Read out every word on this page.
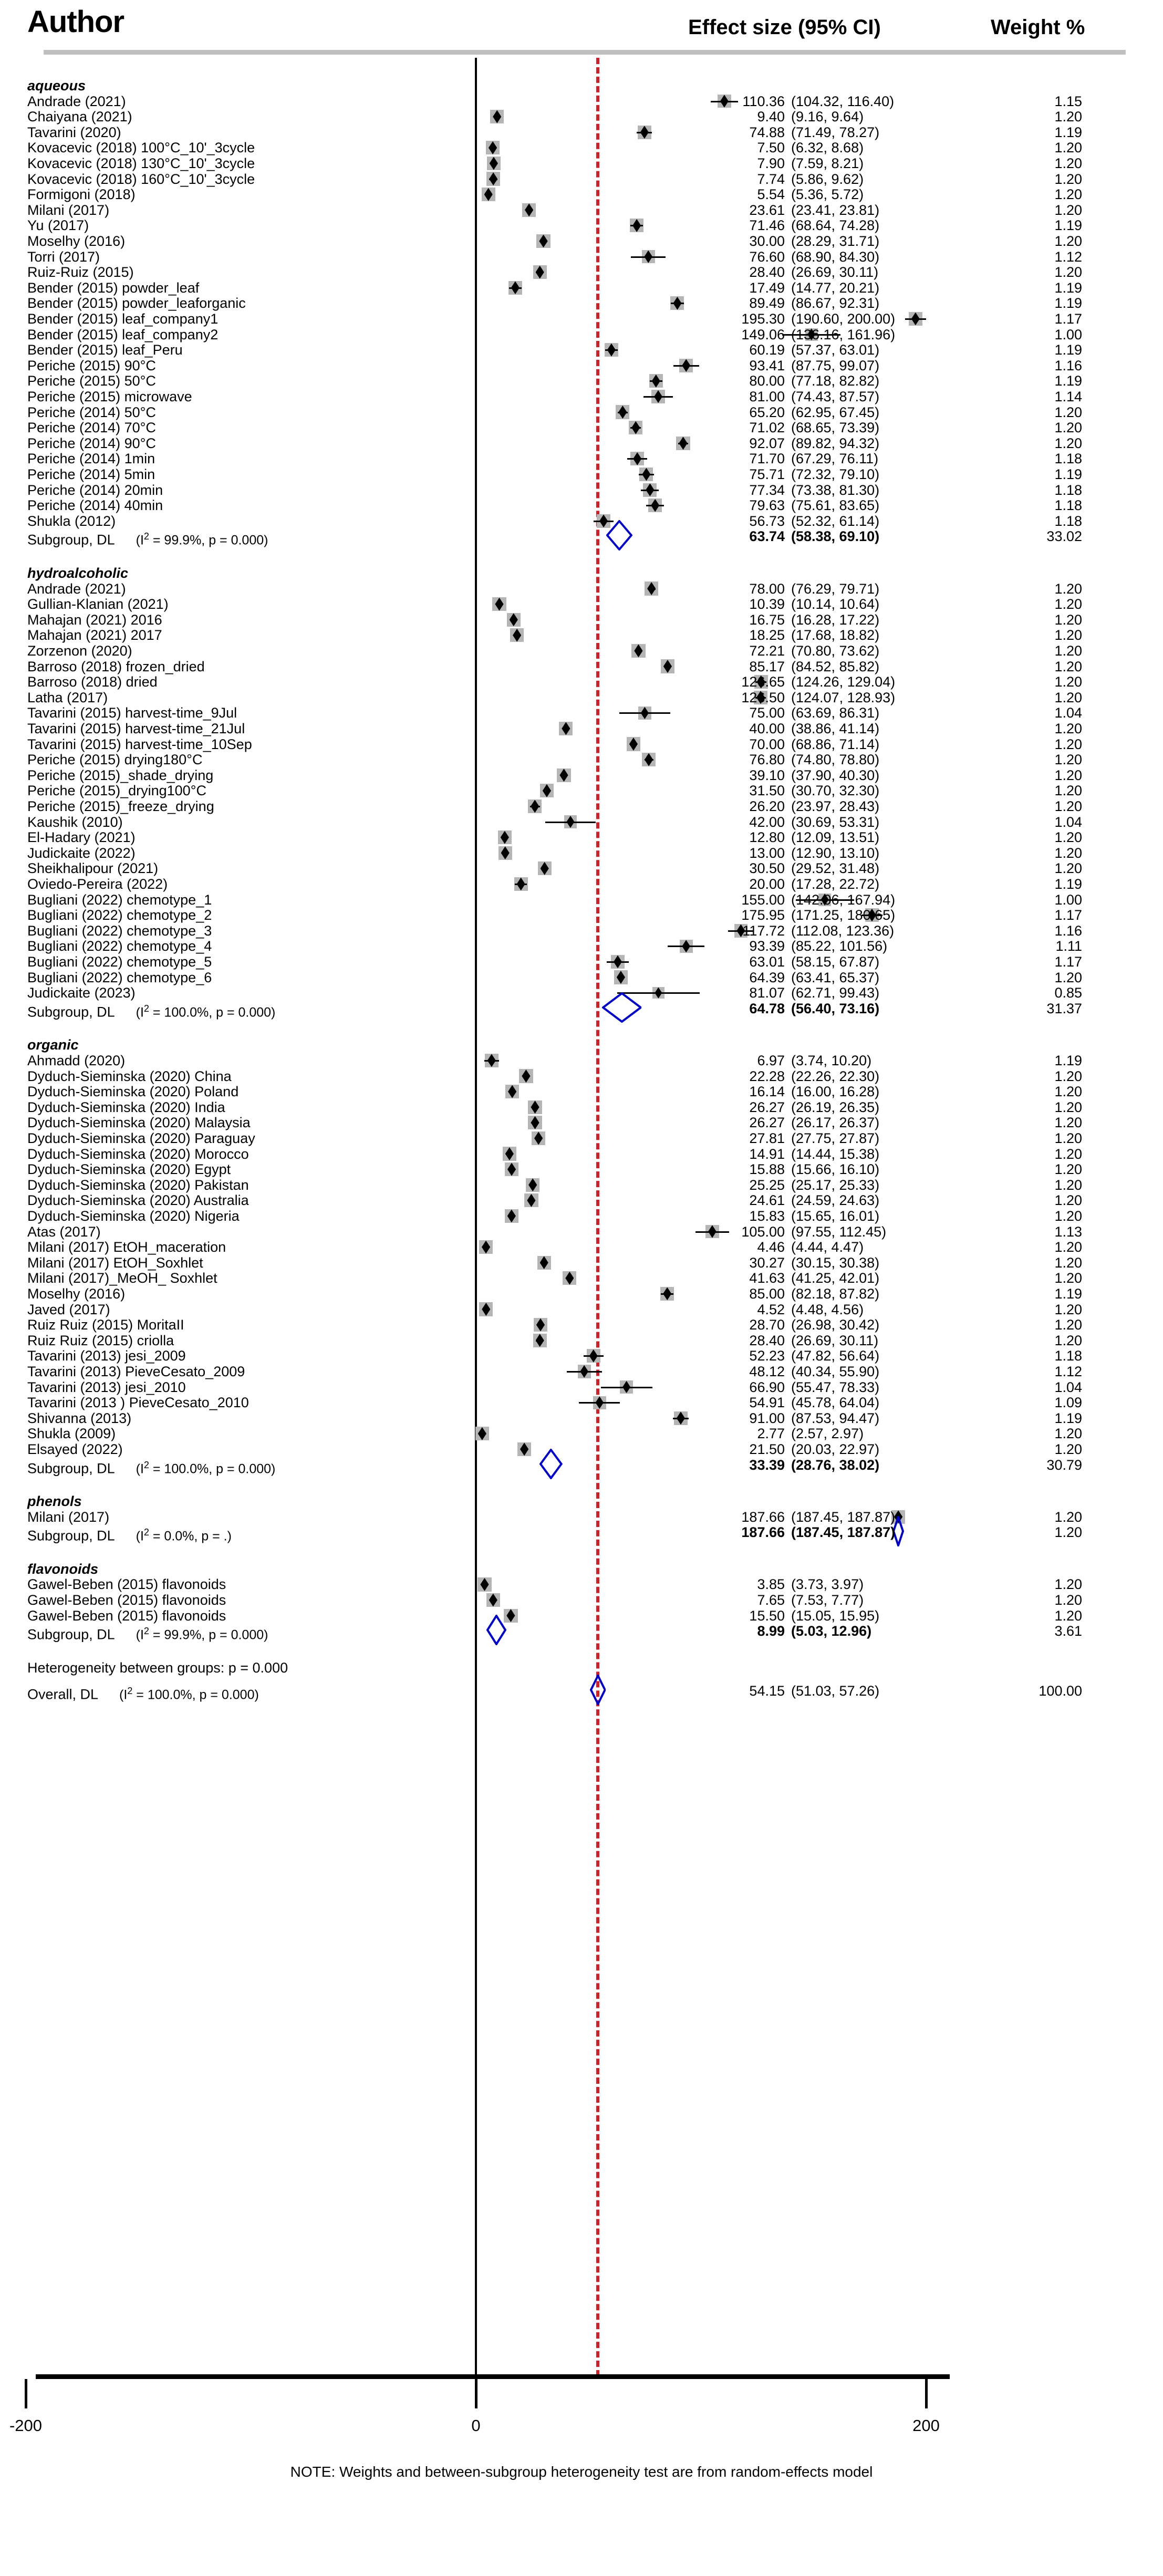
Author	Effect size (95% CI)	Weight %
aqueous
Andrade (2021)	110.36 (104.32, 116.40)	1.15
Chaiyana (2021)	9.40 (9.16, 9.64)	1.20
Tavarini (2020)	74.88 (71.49, 78.27)	1.19
Kovacevic (2018) 100°C_10'_3cycle	7.50 (6.32, 8.68)	1.20
Kovacevic (2018) 130°C_10'_3cycle	7.90 (7.59, 8.21)	1.20
Kovacevic (2018) 160°C_10'_3cycle	7.74 (5.86, 9.62)	1.20
Formigoni (2018)	5.54 (5.36, 5.72)	1.20
Milani (2017)	23.61 (23.41, 23.81)	1.20
Yu (2017)	71.46 (68.64, 74.28)	1.19
Moselhy (2016)	30.00 (28.29, 31.71)	1.20
Torri (2017)	76.60 (68.90, 84.30)	1.12
Ruiz-Ruiz (2015)	28.40 (26.69, 30.11)	1.20
Bender (2015) powder_leaf	17.49 (14.77, 20.21)	1.19
Bender (2015) powder_leaforganic	89.49 (86.67, 92.31)	1.19
Bender (2015) leaf_company1	195.30 (190.60, 200.00)	1.17
Bender (2015) leaf_company2	149.06 (136.16, 161.96)	1.00
Bender (2015) leaf_Peru	60.19 (57.37, 63.01)	1.19
Periche (2015) 90°C	93.41 (87.75, 99.07)	1.16
Periche (2015) 50°C	80.00 (77.18, 82.82)	1.19
Periche (2015) microwave	81.00 (74.43, 87.57)	1.14
Periche (2014) 50°C	65.20 (62.95, 67.45)	1.20
Periche (2014) 70°C	71.02 (68.65, 73.39)	1.20
Periche (2014) 90°C	92.07 (89.82, 94.32)	1.20
Periche (2014) 1min	71.70 (67.29, 76.11)	1.18
Periche (2014) 5min	75.71 (72.32, 79.10)	1.19
Periche (2014) 20min	77.34 (73.38, 81.30)	1.18
Periche (2014) 40min	79.63 (75.61, 83.65)	1.18
Shukla (2012)	56.73 (52.32, 61.14)	1.18
Subgroup, DL ($I^2 = 99.9\%$, p = 0.000)	63.74 (58.38, 69.10)	33.02
hydroalcoholic
Andrade (2021)	78.00 (76.29, 79.71)	1.20
Gullian-Klanian (2021)	10.39 (10.14, 10.64)	1.20
Mahajan (2021) 2016	16.75 (16.28, 17.22)	1.20
Mahajan (2021) 2017	18.25 (17.68, 18.82)	1.20
Zorzenon (2020)	72.21 (70.80, 73.62)	1.20
Barroso (2018) frozen_dried	85.17 (84.52, 85.82)	1.20
Barroso (2018) dried	126.65 (124.26, 129.04)	1.20
Latha (2017)	126.50 (124.07, 128.93)	1.20
Tavarini (2015) harvest-time_9Jul	75.00 (63.69, 86.31)	1.04
Tavarini (2015) harvest-time_21Jul	40.00 (38.86, 41.14)	1.20
Tavarini (2015) harvest-time_10Sep	70.00 (68.86, 71.14)	1.20
Periche (2015) drying180°C	76.80 (74.80, 78.80)	1.20
Periche (2015)_shade_drying	39.10 (37.90, 40.30)	1.20
Periche (2015)_drying100°C	31.50 (30.70, 32.30)	1.20
Periche (2015)_freeze_drying	26.20 (23.97, 28.43)	1.20
Kaushik (2010)	42.00 (30.69, 53.31)	1.04
El-Hadary (2021)	12.80 (12.09, 13.51)	1.20
Judickaite (2022)	13.00 (12.90, 13.10)	1.20
Sheikhalipour (2021)	30.50 (29.52, 31.48)	1.20
Oviedo-Pereira (2022)	20.00 (17.28, 22.72)	1.19
Bugliani (2022) chemotype_1	155.00 (142.06, 167.94)	1.00
Bugliani (2022) chemotype_2	175.95 (171.25, 180.65)	1.17
Bugliani (2022) chemotype_3	117.72 (112.08, 123.36)	1.16
Bugliani (2022) chemotype_4	93.39 (85.22, 101.56)	1.11
Bugliani (2022) chemotype_5	63.01 (58.15, 67.87)	1.17
Bugliani (2022) chemotype_6	64.39 (63.41, 65.37)	1.20
Judickaite (2023)	81.07 (62.71, 99.43)	0.85
Subgroup, DL ($I^2 = 100.0\%$, p = 0.000)	64.78 (56.40, 73.16)	31.37
organic
Ahmadd (2020)	6.97 (3.74, 10.20)	1.19
Dyduch-Sieminska (2020) China	22.28 (22.26, 22.30)	1.20
Dyduch-Sieminska (2020) Poland	16.14 (16.00, 16.28)	1.20
Dyduch-Sieminska (2020) India	26.27 (26.19, 26.35)	1.20
Dyduch-Sieminska (2020) Malaysia	26.27 (26.17, 26.37)	1.20
Dyduch-Sieminska (2020) Paraguay	27.81 (27.75, 27.87)	1.20
Dyduch-Sieminska (2020) Morocco	14.91 (14.44, 15.38)	1.20
Dyduch-Sieminska (2020) Egypt	15.88 (15.66, 16.10)	1.20
Dyduch-Sieminska (2020) Pakistan	25.25 (25.17, 25.33)	1.20
Dyduch-Sieminska (2020) Australia	24.61 (24.59, 24.63)	1.20
Dyduch-Sieminska (2020) Nigeria	15.83 (15.65, 16.01)	1.20
Atas (2017)	105.00 (97.55, 112.45)	1.13
Milani (2017) EtOH_maceration	4.46 (4.44, 4.47)	1.20
Milani (2017) EtOH_Soxhlet	30.27 (30.15, 30.38)	1.20
Milani (2017)_MeOH_ Soxhlet	41.63 (41.25, 42.01)	1.20
Moselhy (2016)	85.00 (82.18, 87.82)	1.19
Javed (2017)	4.52 (4.48, 4.56)	1.20
Ruiz Ruiz (2015) MoritaII	28.70 (26.98, 30.42)	1.20
Ruiz Ruiz (2015) criolla	28.40 (26.69, 30.11)	1.20
Tavarini (2013) jesi_2009	52.23 (47.82, 56.64)	1.18
Tavarini (2013) PieveCesato_2009	48.12 (40.34, 55.90)	1.12
Tavarini (2013) jesi_2010	66.90 (55.47, 78.33)	1.04
Tavarini (2013 ) PieveCesato_2010	54.91 (45.78, 64.04)	1.09
Shivanna (2013)	91.00 (87.53, 94.47)	1.19
Shukla (2009)	2.77 (2.57, 2.97)	1.20
Elsayed (2022)	21.50 (20.03, 22.97)	1.20
Subgroup, DL ($I^2 = 100.0\%$, p = 0.000)	33.39 (28.76, 38.02)	30.79
phenols
Milani (2017)	187.66 (187.45, 187.87)	1.20
Subgroup, DL ($I^2 = 0.0\%$, p = .)	187.66 (187.45, 187.87)	1.20
flavonoids
Gawel-Beben (2015) flavonoids	3.85 (3.73, 3.97)	1.20
Gawel-Beben (2015) flavonoids	7.65 (7.53, 7.77)	1.20
Gawel-Beben (2015) flavonoids	15.50 (15.05, 15.95)	1.20
Subgroup, DL ($I^2 = 99.9\%$, p = 0.000)	8.99 (5.03, 12.96)	3.61
Heterogeneity between groups: p = 0.000
Overall, DL ($I^2 = 100.0\%$, p = 0.000)	54.15 (51.03, 57.26)	100.00
-200	0	200
NOTE: Weights and between-subgroup heterogeneity test are from random-effects model
